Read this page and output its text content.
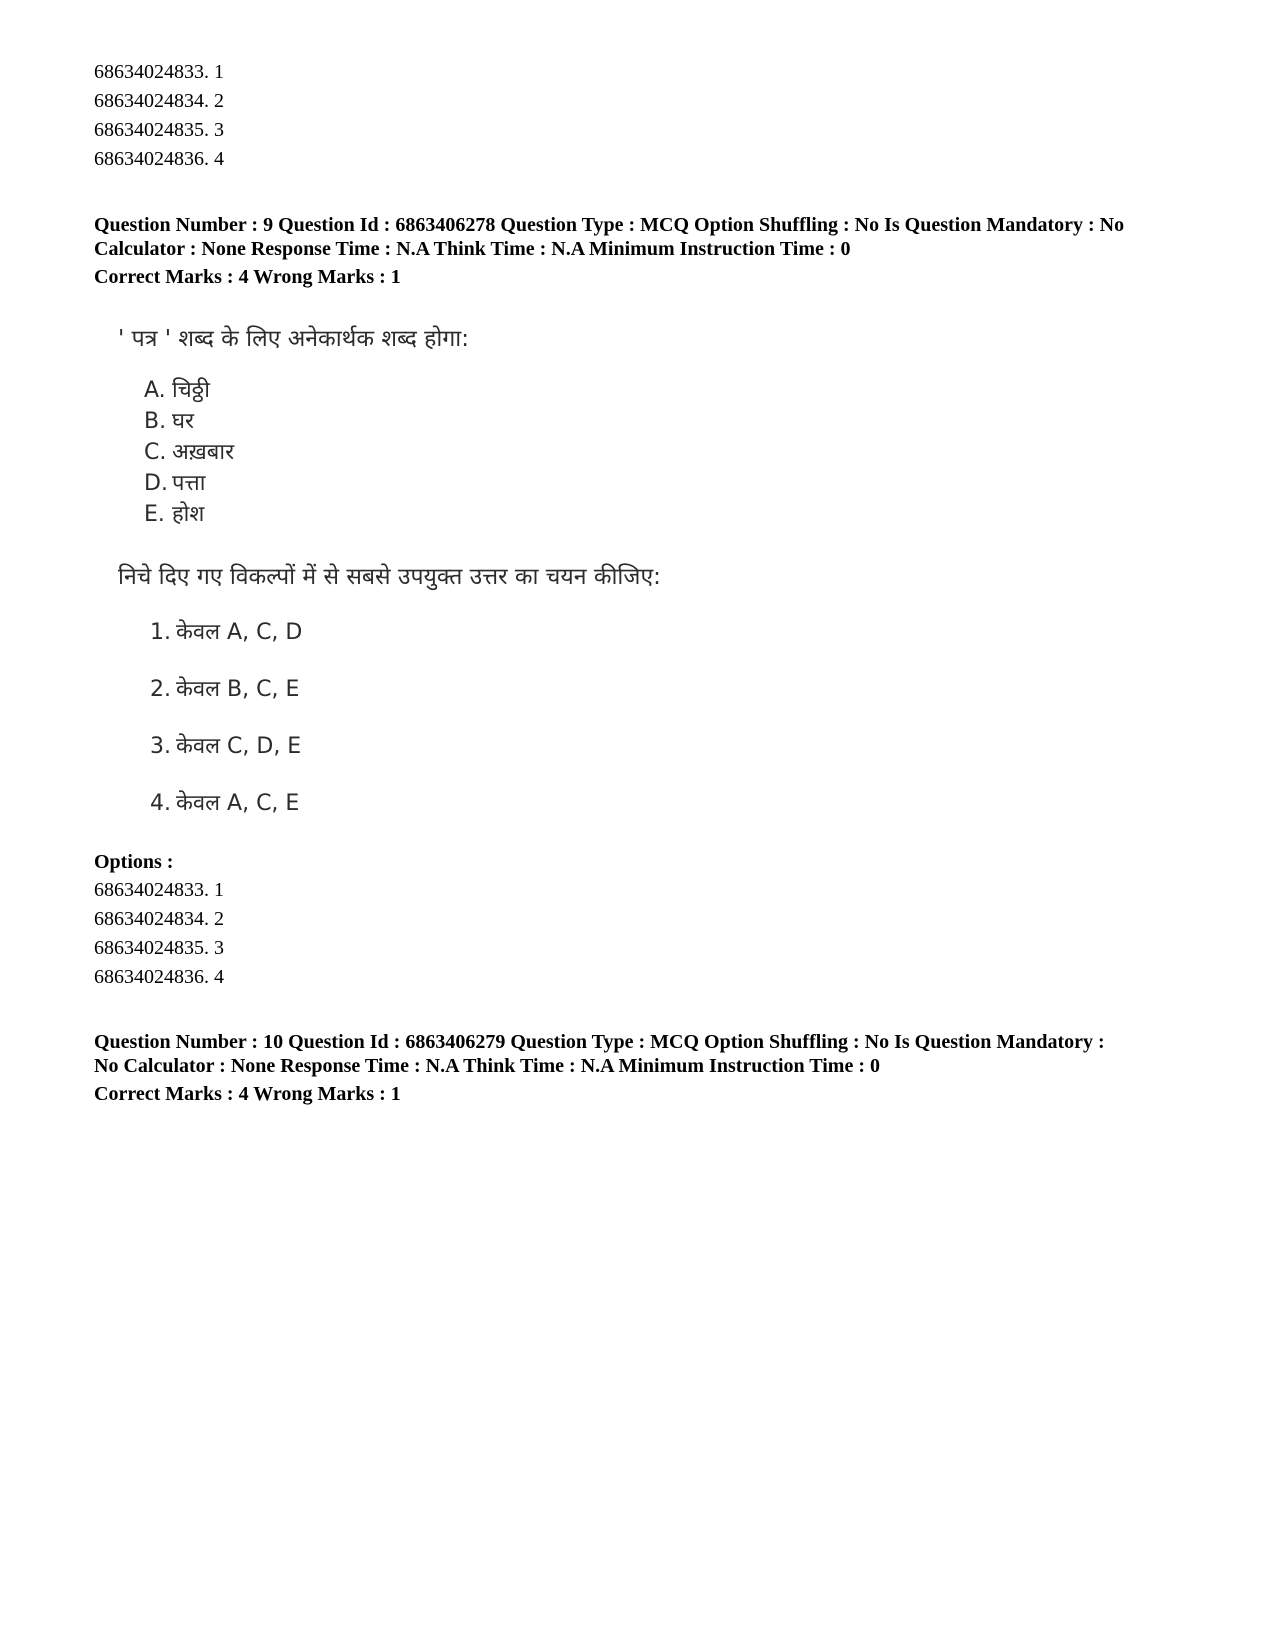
68634024833. 1
68634024834. 2
68634024835. 3
68634024836. 4
Question Number : 9 Question Id : 6863406278 Question Type : MCQ Option Shuffling : No Is Question Mandatory : No
Calculator : None Response Time : N.A Think Time : N.A Minimum Instruction Time : 0
Correct Marks : 4 Wrong Marks : 1
' पत्र ' शब्द के लिए अनेकार्थक शब्द होगा:
A. चिठ्ठी
B. घर
C. अख़बार
D. पत्ता
E. होश
निचे दिए गए विकल्पों में से सबसे उपयुक्त उत्तर का चयन कीजिए:
1. केवल A, C, D
2. केवल B, C, E
3. केवल C, D, E
4. केवल A, C, E
Options :
68634024833. 1
68634024834. 2
68634024835. 3
68634024836. 4
Question Number : 10 Question Id : 6863406279 Question Type : MCQ Option Shuffling : No Is Question Mandatory :
No Calculator : None Response Time : N.A Think Time : N.A Minimum Instruction Time : 0
Correct Marks : 4 Wrong Marks : 1
